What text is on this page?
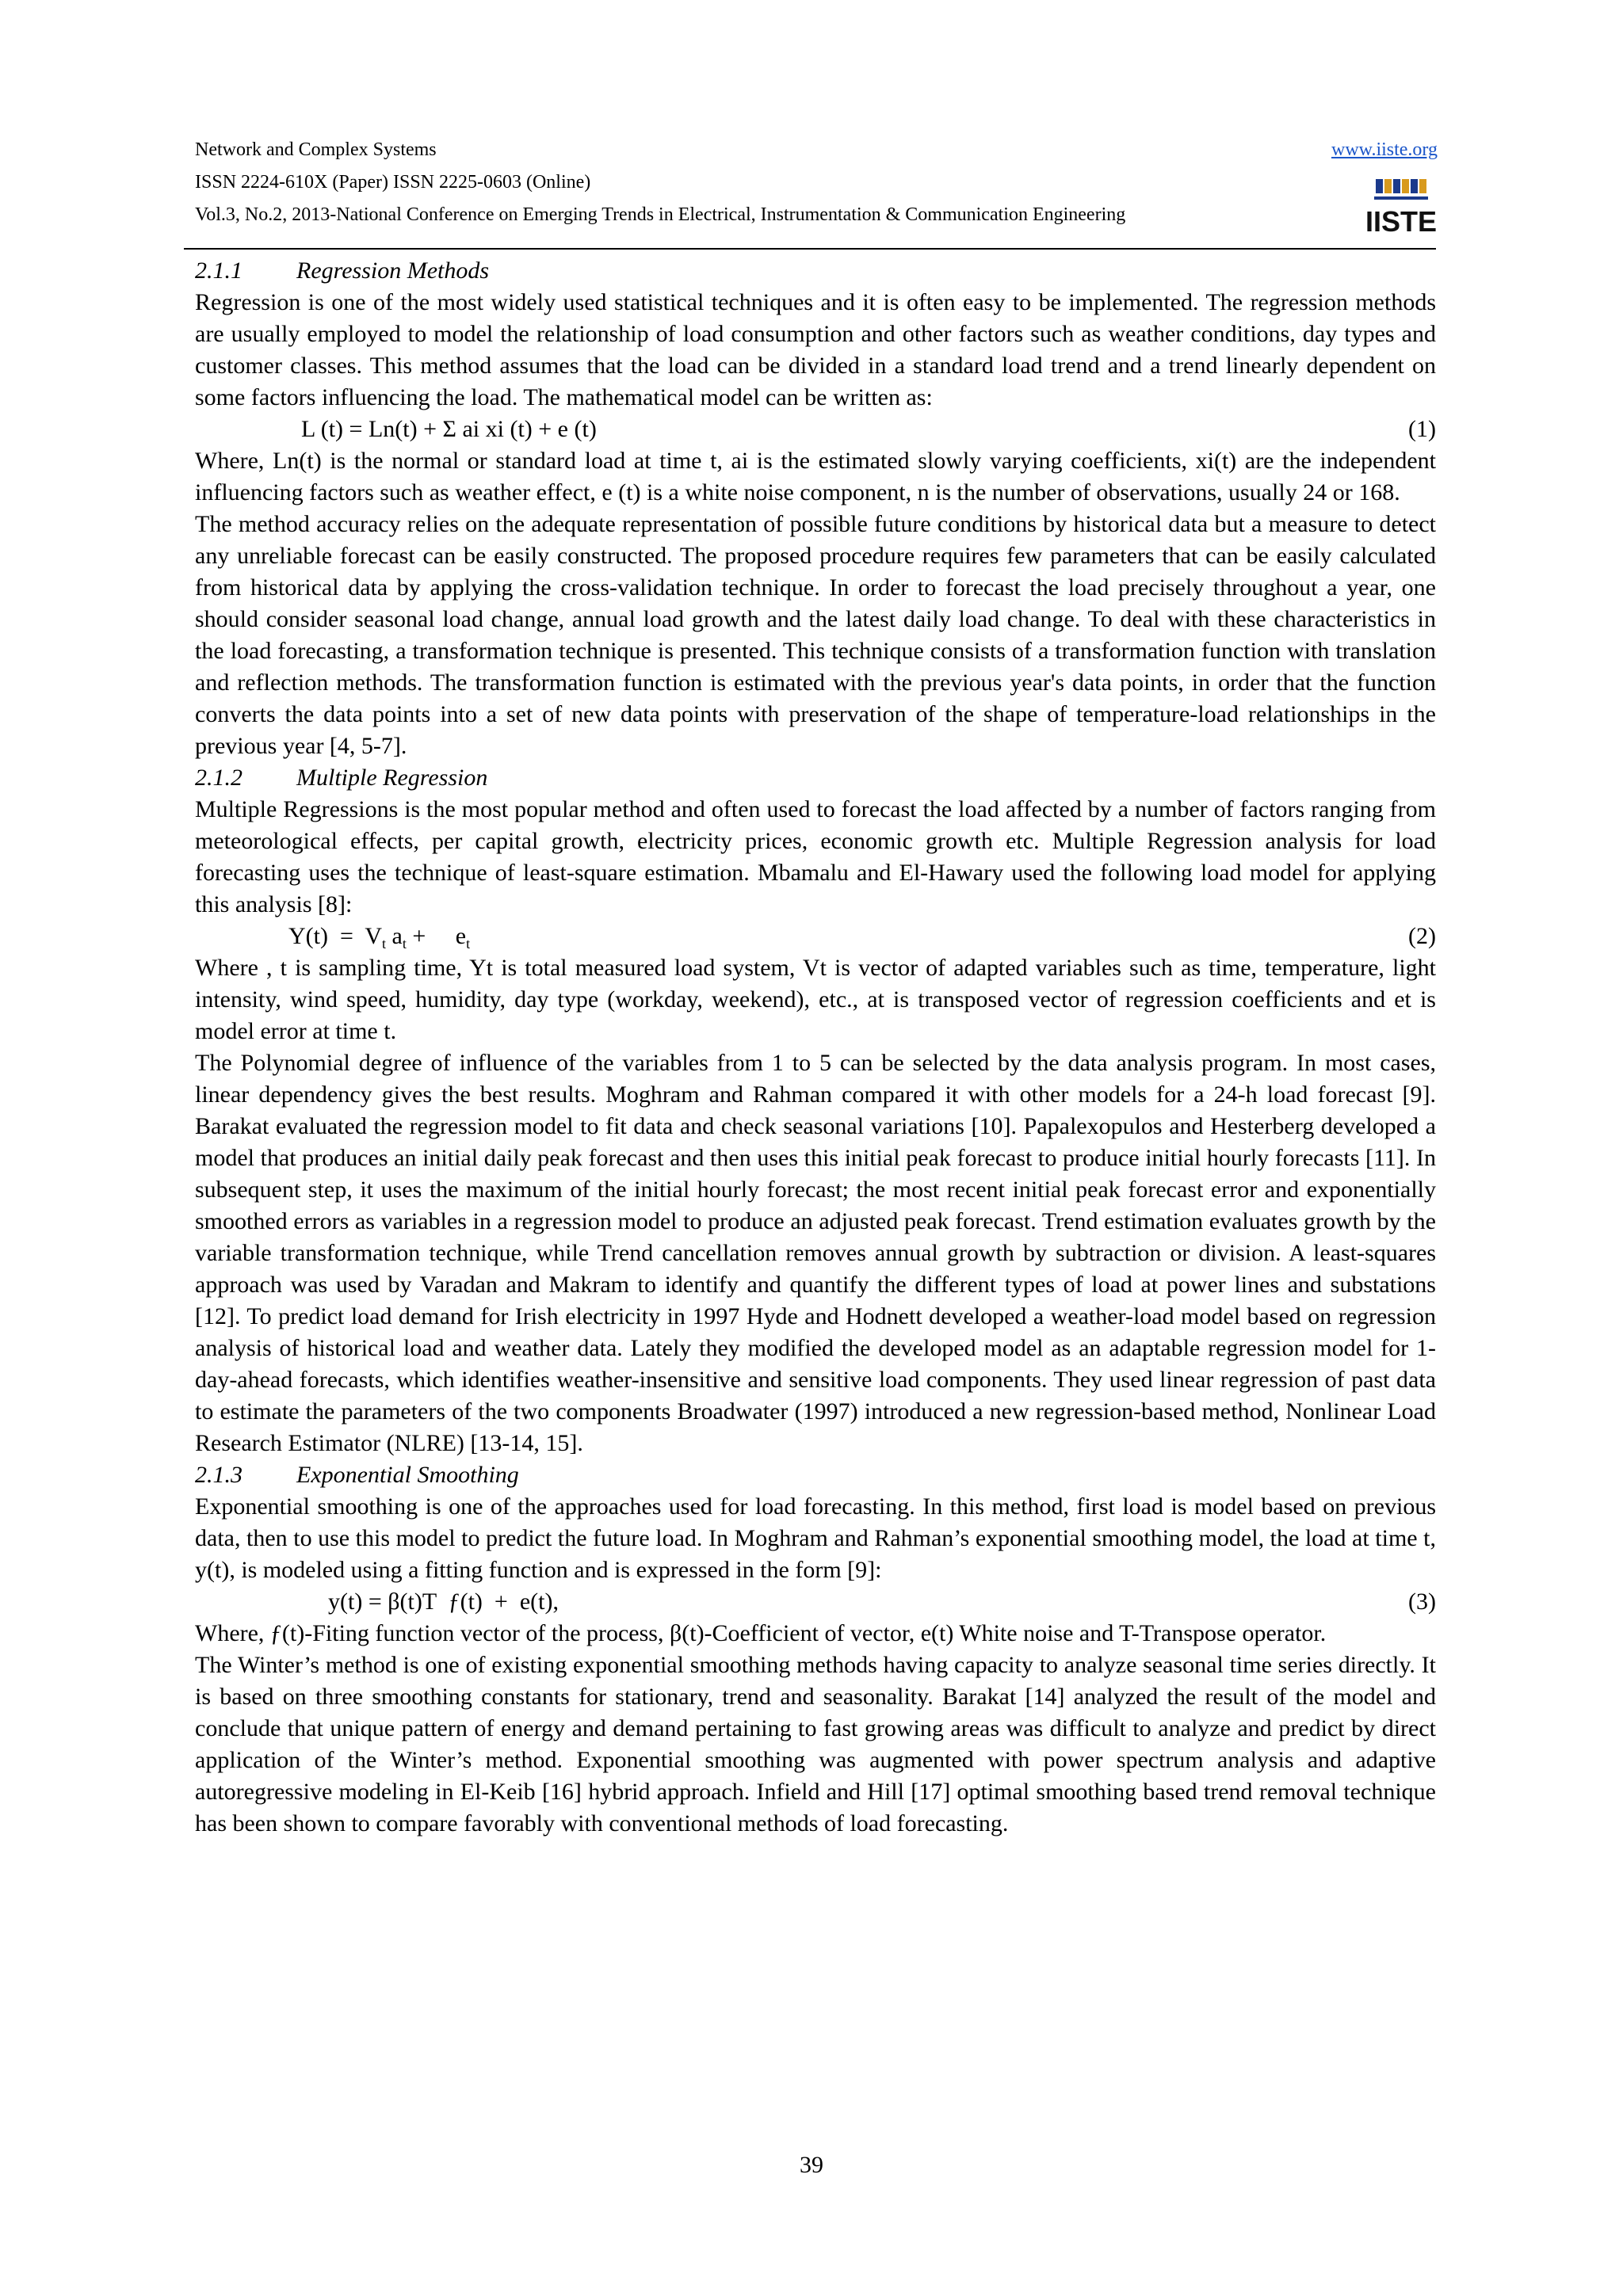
Network and Complex Systems	www.iiste.org
ISSN 2224-610X (Paper) ISSN 2225-0603 (Online)
Vol.3, No.2, 2013-National Conference on Emerging Trends in Electrical, Instrumentation & Communication Engineering	IISTE

2.1.1 Regression Methods

Regression is one of the most widely used statistical techniques and it is often easy to be implemented. The regression methods are usually employed to model the relationship of load consumption and other factors such as weather conditions, day types and customer classes. This method assumes that the load can be divided in a standard load trend and a trend linearly dependent on some factors influencing the load. The mathematical model can be written as:

L (t) = Ln(t) + Σ ai xi (t) + e (t)	(1)

Where, Ln(t) is the normal or standard load at time t, ai is the estimated slowly varying coefficients, xi(t) are the independent influencing factors such as weather effect, e (t) is a white noise component, n is the number of observations, usually 24 or 168.

The method accuracy relies on the adequate representation of possible future conditions by historical data but a measure to detect any unreliable forecast can be easily constructed. The proposed procedure requires few parameters that can be easily calculated from historical data by applying the cross-validation technique. In order to forecast the load precisely throughout a year, one should consider seasonal load change, annual load growth and the latest daily load change. To deal with these characteristics in the load forecasting, a transformation technique is presented. This technique consists of a transformation function with translation and reflection methods. The transformation function is estimated with the previous year's data points, in order that the function converts the data points into a set of new data points with preservation of the shape of temperature-load relationships in the previous year [4, 5-7].

2.1.2 Multiple Regression

Multiple Regressions is the most popular method and often used to forecast the load affected by a number of factors ranging from meteorological effects, per capital growth, electricity prices, economic growth etc. Multiple Regression analysis for load forecasting uses the technique of least-square estimation. Mbamalu and El-Hawary used the following load model for applying this analysis [8]:

$Y(t) = V_t$ $a_t$ +     $e_t$	(2)

Where , t is sampling time, Yt is total measured load system, Vt is vector of adapted variables such as time, temperature, light intensity, wind speed, humidity, day type (workday, weekend), etc., at is transposed vector of regression coefficients and et is model error at time t.

The Polynomial degree of influence of the variables from 1 to 5 can be selected by the data analysis program. In most cases, linear dependency gives the best results. Moghram and Rahman compared it with other models for a 24-h load forecast [9]. Barakat evaluated the regression model to fit data and check seasonal variations [10]. Papalexopulos and Hesterberg developed a model that produces an initial daily peak forecast and then uses this initial peak forecast to produce initial hourly forecasts [11]. In subsequent step, it uses the maximum of the initial hourly forecast; the most recent initial peak forecast error and exponentially smoothed errors as variables in a regression model to produce an adjusted peak forecast. Trend estimation evaluates growth by the variable transformation technique, while Trend cancellation removes annual growth by subtraction or division. A least-squares approach was used by Varadan and Makram to identify and quantify the different types of load at power lines and substations [12]. To predict load demand for Irish electricity in 1997 Hyde and Hodnett developed a weather-load model based on regression analysis of historical load and weather data. Lately they modified the developed model as an adaptable regression model for 1-day-ahead forecasts, which identifies weather-insensitive and sensitive load components. They used linear regression of past data to estimate the parameters of the two components Broadwater (1997) introduced a new regression-based method, Nonlinear Load Research Estimator (NLRE) [13-14, 15].

2.1.3 Exponential Smoothing

Exponential smoothing is one of the approaches used for load forecasting. In this method, first load is model based on previous data, then to use this model to predict the future load. In Moghram and Rahman’s exponential smoothing model, the load at time t, y(t), is modeled using a fitting function and is expressed in the form [9]:

y(t) = β(t)T  ƒ(t)  +  e(t),	(3)

Where, ƒ(t)-Fiting function vector of the process, β(t)-Coefficient of vector, e(t) White noise and T-Transpose operator.

The Winter’s method is one of existing exponential smoothing methods having capacity to analyze seasonal time series directly. It is based on three smoothing constants for stationary, trend and seasonality. Barakat [14] analyzed the result of the model and conclude that unique pattern of energy and demand pertaining to fast growing areas was difficult to analyze and predict by direct application of the Winter’s method. Exponential smoothing was augmented with power spectrum analysis and adaptive autoregressive modeling in El-Keib [16] hybrid approach. Infield and Hill [17] optimal smoothing based trend removal technique has been shown to compare favorably with conventional methods of load forecasting.

39
